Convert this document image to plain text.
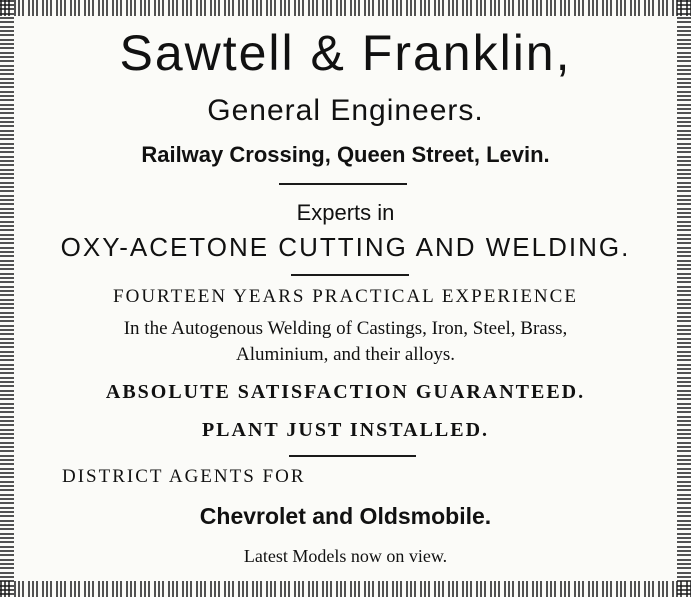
Sawtell & Franklin,
General Engineers.
Railway Crossing, Queen Street, Levin.
Experts in
OXY-ACETONE CUTTING AND WELDING.
FOURTEEN YEARS PRACTICAL EXPERIENCE
In the Autogenous Welding of Castings, Iron, Steel, Brass,
Aluminium, and their alloys.
ABSOLUTE SATISFACTION GUARANTEED.
PLANT JUST INSTALLED.
DISTRICT AGENTS FOR
Chevrolet and Oldsmobile.
Latest Models now on view.
